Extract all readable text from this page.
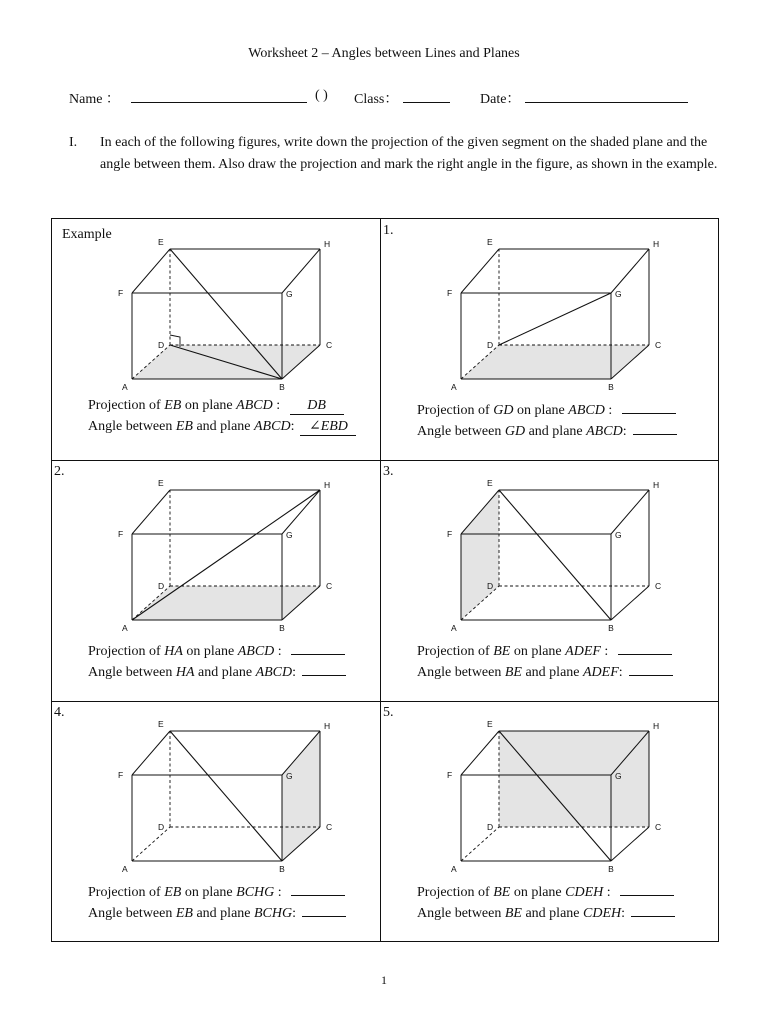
Worksheet 2 – Angles between Lines and Planes
Name ：	( ) Class：	Date：
I. In each of the following figures, write down the projection of the given segment on the shaded plane and the angle between them. Also draw the projection and mark the right angle in the figure, as shown in the example.
Example
A	B
C
D
E
F	G
H
Projection of EB on plane ABCD : DB
Angle between EB and plane ABCD: ∠EBD
1.
A	B
C
D
E
F	G
H
Projection of GD on plane ABCD :
Angle between GD and plane ABCD:
2.
A	B
C
D
E
F	G
H
Projection of HA on plane ABCD :
Angle between HA and plane ABCD:
3.
A	B
C
D
E
F	G
H
Projection of BE on plane ADEF :
Angle between BE and plane ADEF:
4.
A	B
C
D
E
F	G
H
Projection of EB on plane BCHG :
Angle between EB and plane BCHG:
5.
A	B
C
D
E
F	G
H
Projection of BE on plane CDEH :
Angle between BE and plane CDEH:
1
